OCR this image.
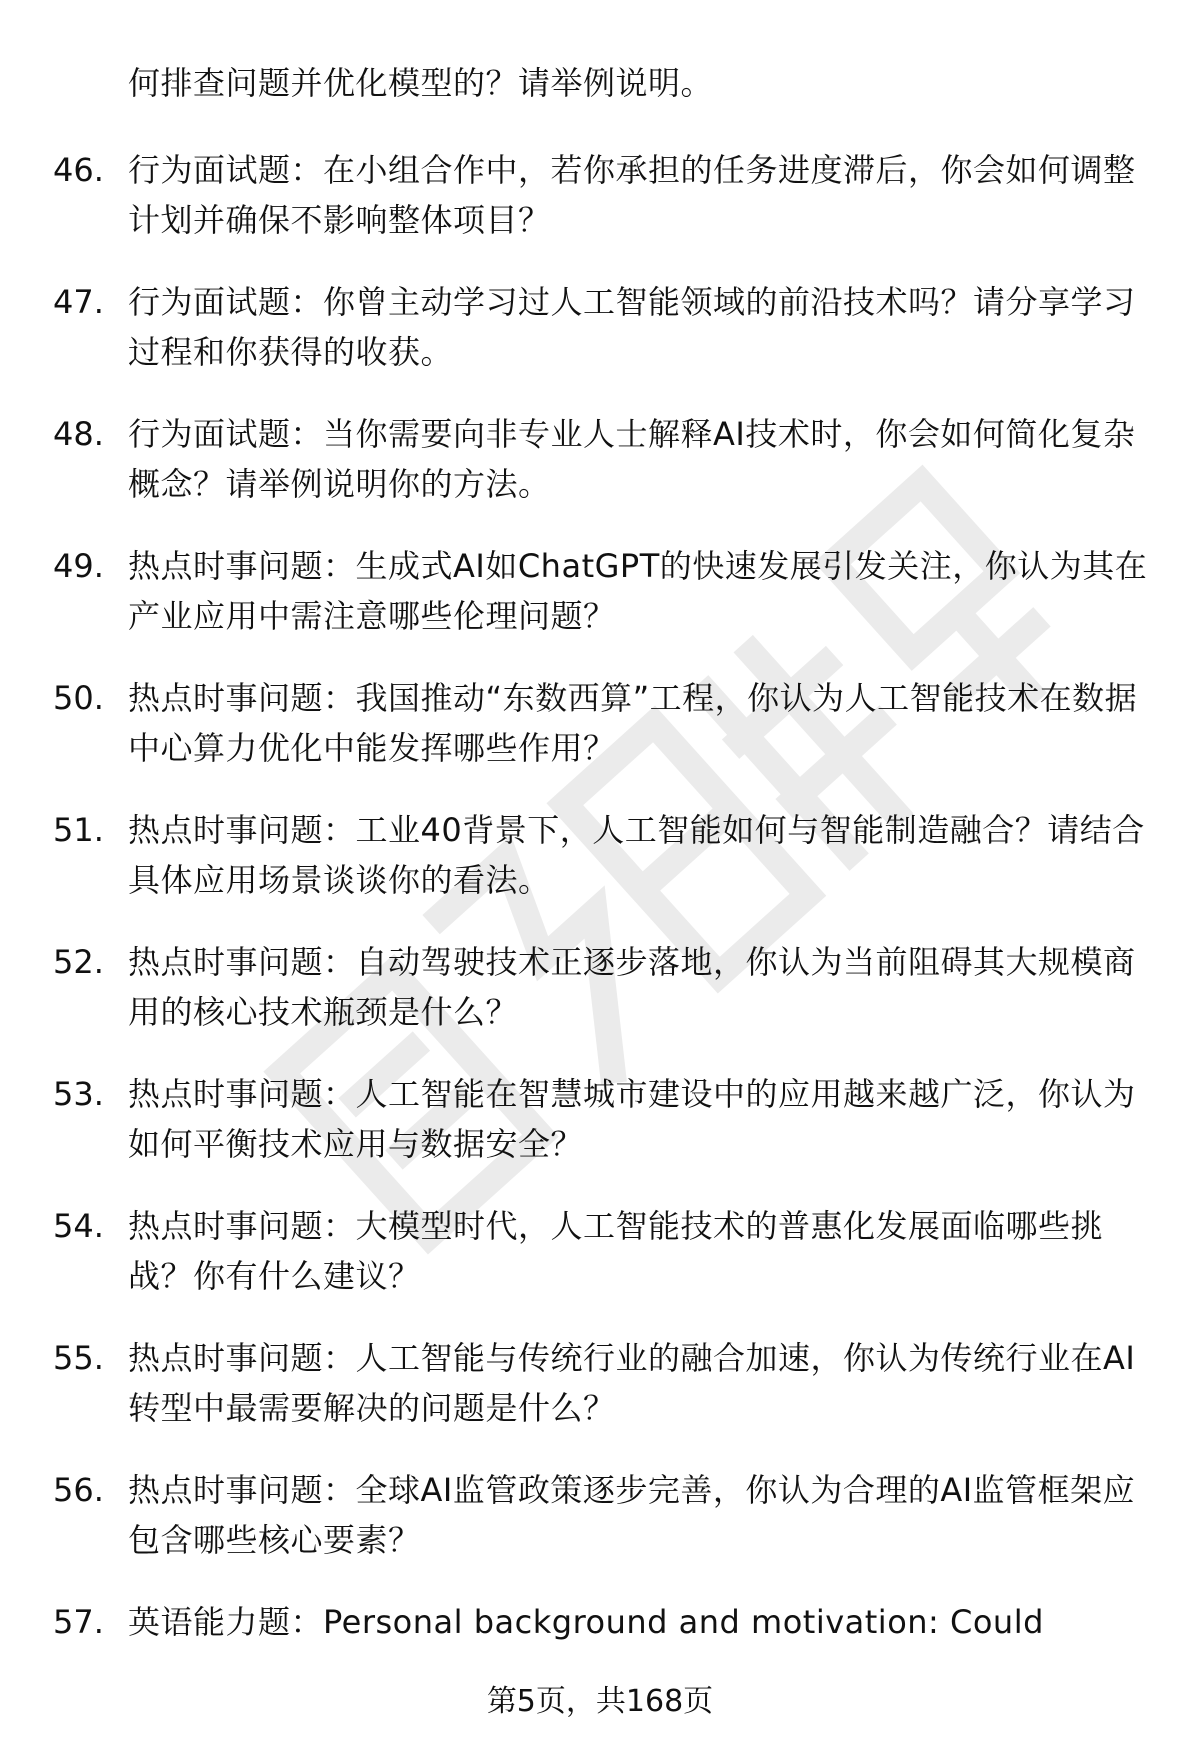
何排查问题并优化模型的？请举例说明。
46. 行为面试题：在小组合作中，若你承担的任务进度滞后，你会如何调整计划并确保不影响整体项目？
47. 行为面试题：你曾主动学习过人工智能领域的前沿技术吗？请分享学习过程和你获得的收获。
48. 行为面试题：当你需要向非专业人士解释AI技术时，你会如何简化复杂概念？请举例说明你的方法。
49. 热点时事问题：生成式AI如ChatGPT的快速发展引发关注，你认为其在产业应用中需注意哪些伦理问题？
50. 热点时事问题：我国推动“东数西算”工程，你认为人工智能技术在数据中心算力优化中能发挥哪些作用？
51. 热点时事问题：工业40背景下，人工智能如何与智能制造融合？请结合具体应用场景谈谈你的看法。
52. 热点时事问题：自动驾驶技术正逐步落地，你认为当前阻碍其大规模商用的核心技术瓶颈是什么？
53. 热点时事问题：人工智能在智慧城市建设中的应用越来越广泛，你认为如何平衡技术应用与数据安全？
54. 热点时事问题：大模型时代，人工智能技术的普惠化发展面临哪些挑战？你有什么建议？
55. 热点时事问题：人工智能与传统行业的融合加速，你认为传统行业在AI转型中最需要解决的问题是什么？
56. 热点时事问题：全球AI监管政策逐步完善，你认为合理的AI监管框架应包含哪些核心要素？
57. 英语能力题：Personal background and motivation: Could
第5页，共168页
